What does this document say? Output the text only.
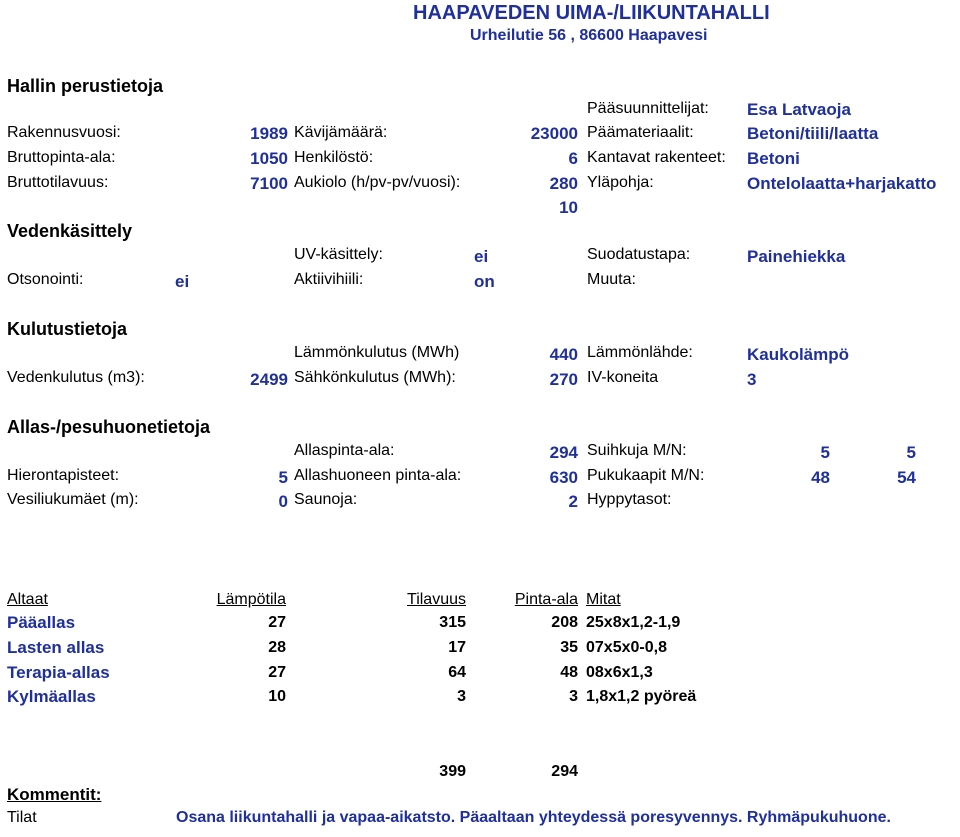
HAAPAVEDEN UIMA-/LIIKUNTAHALLI
Urheilutie 56 , 86600 Haapavesi
Hallin perustietoja
Pääsuunnittelijat: Esa Latvaoja
Rakennusvuosi:	1989 Kävijämäärä:	23000 Päämateriaalit:	Betoni/tiili/laatta
Bruttopinta-ala:	1050 Henkilöstö:	6 Kantavat rakenteet: Betoni
Bruttotilavuus:	7100 Aukiolo (h/pv-pv/vuosi):	280 Yläpohja:	Ontelolaatta+harjakatto
10
Vedenkäsittely
UV-käsittely:	ei	Suodatustapa:	Painehiekka
Otsonointi:	ei	Aktiivihiili:	on	Muuta:
Kulutustietoja
Lämmönkulutus (MWh)	440 Lämmönlähde:	Kaukolämpö
Vedenkulutus (m3):	2499 Sähkönkulutus (MWh):	270 IV-koneita	3
Allas-/pesuhuonetietoja
Allaspinta-ala:	294 Suihkuja M/N:	5	5
Hierontapisteet:	5 Allashuoneen pinta-ala:	630 Pukukaapit M/N:	48	54
Vesiliukumäet (m):	0 Saunoja:	2 Hyppytasot:
Altaat	Lämpötila	Tilavuus	Pinta-ala Mitat
Pääallas	27	315	208 25x8x1,2-1,9
Lasten allas	28	17	35 07x5x0-0,8
Terapia-allas	27	64	48 08x6x1,3
Kylmäallas	10	3	3 1,8x1,2 pyöreä
399	294
Kommentit:
Tilat	Osana liikuntahalli ja vapaa-aikatsto. Päaaltaan yhteydessä poresyvennys. Ryhmäpukuhuone.
